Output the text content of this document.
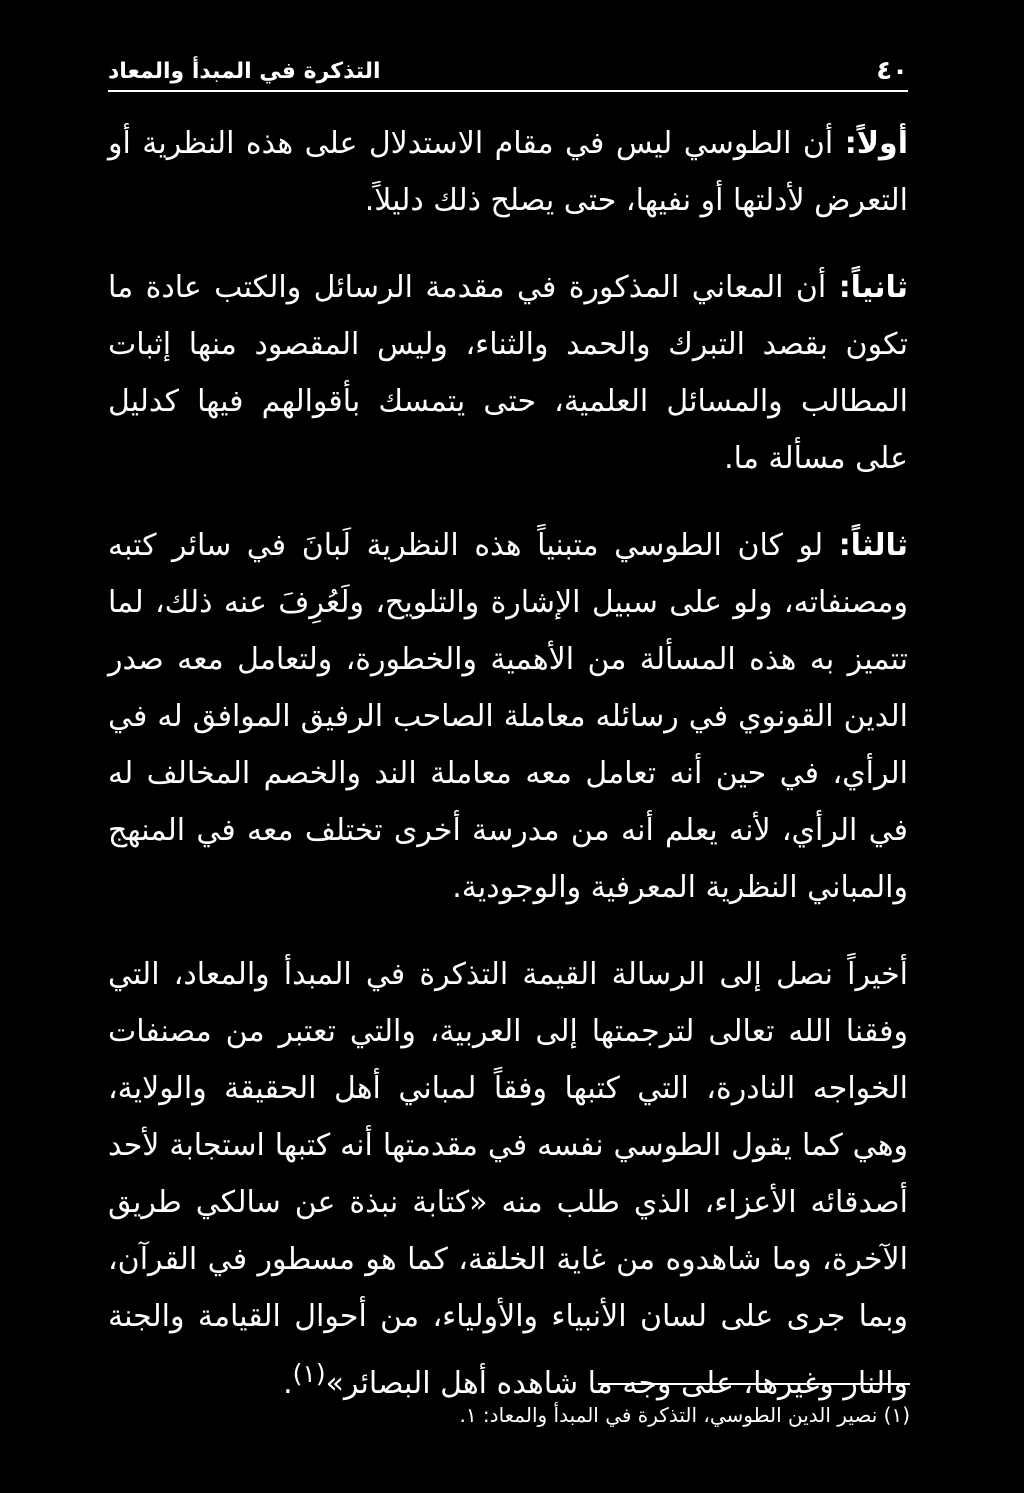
٤٠
التذكرة في المبدأ والمعاد

أولاً: أن الطوسي ليس في مقام الاستدلال على هذه النظرية أو التعرض لأدلتها أو نفيها، حتى يصلح ذلك دليلاً.

ثانياً: أن المعاني المذكورة في مقدمة الرسائل والكتب عادة ما تكون بقصد التبرك والحمد والثناء، وليس المقصود منها إثبات المطالب والمسائل العلمية، حتى يتمسك بأقوالهم فيها كدليل على مسألة ما.

ثالثاً: لو كان الطوسي متبنياً هذه النظرية لَبانَ في سائر كتبه ومصنفاته، ولو على سبيل الإشارة والتلويح، ولَعُرِفَ عنه ذلك، لما تتميز به هذه المسألة من الأهمية والخطورة، ولتعامل معه صدر الدين القونوي في رسائله معاملة الصاحب الرفيق الموافق له في الرأي، في حين أنه تعامل معه معاملة الند والخصم المخالف له في الرأي، لأنه يعلم أنه من مدرسة أخرى تختلف معه في المنهج والمباني النظرية المعرفية والوجودية.

أخيراً نصل إلى الرسالة القيمة التذكرة في المبدأ والمعاد، التي وفقنا الله تعالى لترجمتها إلى العربية، والتي تعتبر من مصنفات الخواجه النادرة، التي كتبها وفقاً لمباني أهل الحقيقة والولاية، وهي كما يقول الطوسي نفسه في مقدمتها أنه كتبها استجابة لأحد أصدقائه الأعزاء، الذي طلب منه «كتابة نبذة عن سالكي طريق الآخرة، وما شاهدوه من غاية الخلقة، كما هو مسطور في القرآن، وبما جرى على لسان الأنبياء والأولياء، من أحوال القيامة والجنة والنار وغيرها، على وجه ما شاهده أهل البصائر»$^{(١)}$.

(١) نصير الدين الطوسي، التذكرة في المبدأ والمعاد: ١.
